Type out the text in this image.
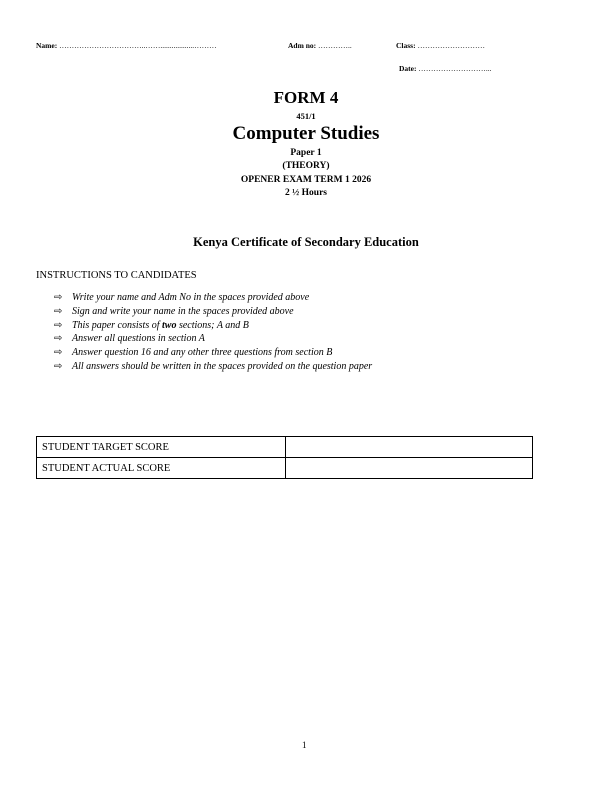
Name: ……………………………..……..................………	Adm no: …………..	Class: ………………………
Date: ………………………...
FORM 4
451/1
Computer Studies
Paper 1
(THEORY)
OPENER EXAM TERM 1 2026
2 ½ Hours
Kenya Certificate of Secondary Education
INSTRUCTIONS TO CANDIDATES
⇨ Write your name and Adm No in the spaces provided above
⇨ Sign and write your name in the spaces provided above
⇨ This paper consists of two sections; A and B
⇨ Answer all questions in section A
⇨ Answer question 16 and any other three questions from section B
⇨ All answers should be written in the spaces provided on the question paper
STUDENT TARGET SCORE	
STUDENT ACTUAL SCORE	
1
